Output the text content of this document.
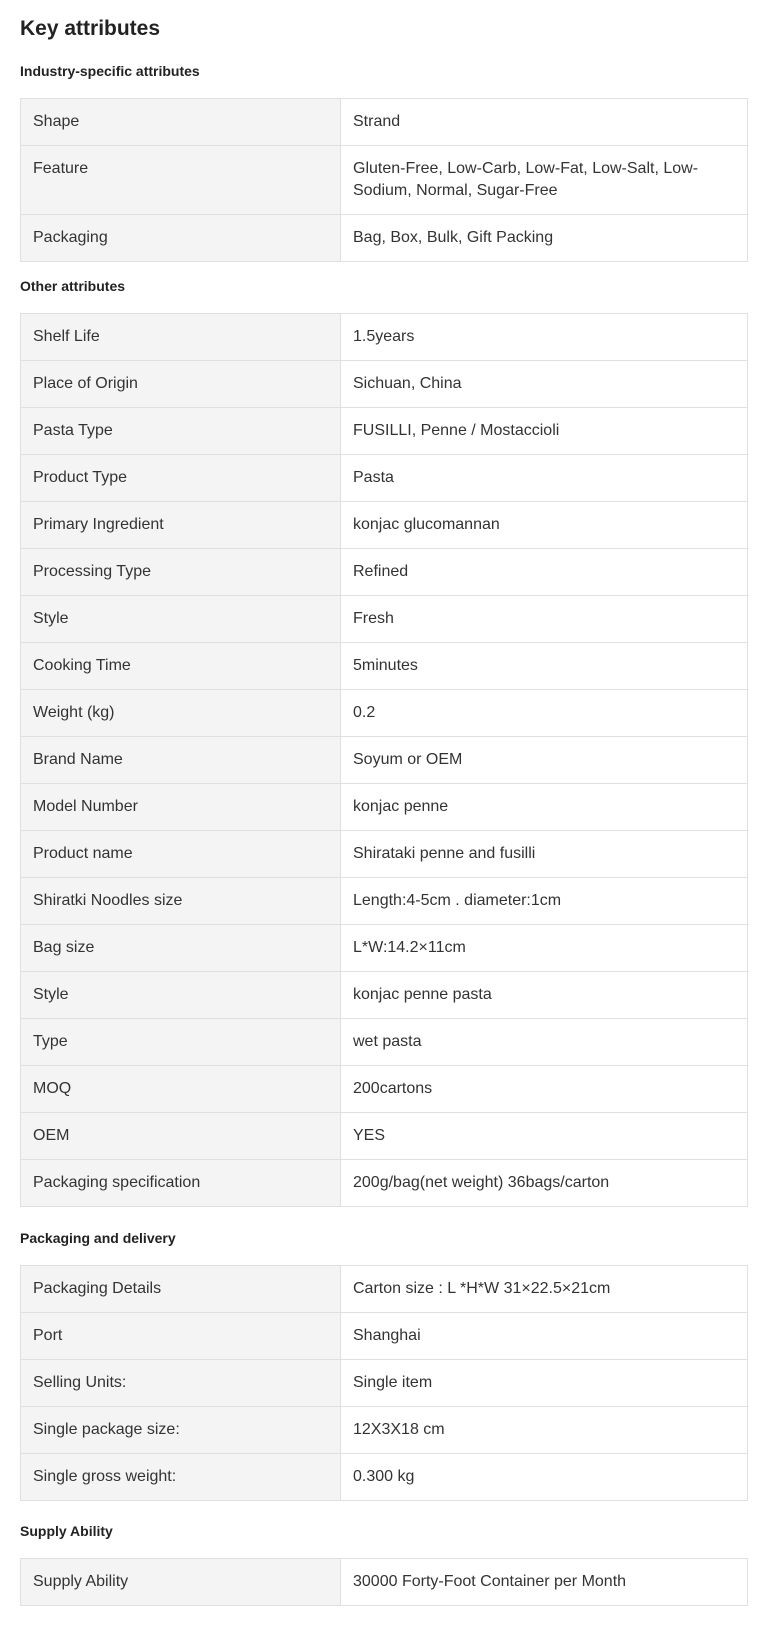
Key attributes
Industry-specific attributes
Shape	Strand
Feature	Gluten-Free, Low-Carb, Low-Fat, Low-Salt, Low-Sodium, Normal, Sugar-Free
Packaging	Bag, Box, Bulk, Gift Packing
Other attributes
Shelf Life	1.5years
Place of Origin	Sichuan, China
Pasta Type	FUSILLI, Penne / Mostaccioli
Product Type	Pasta
Primary Ingredient	konjac glucomannan
Processing Type	Refined
Style	Fresh
Cooking Time	5minutes
Weight (kg)	0.2
Brand Name	Soyum or OEM
Model Number	konjac penne
Product name	Shirataki penne and fusilli
Shiratki Noodles size	Length:4-5cm . diameter:1cm
Bag size	L*W:14.2×11cm
Style	konjac penne pasta
Type	wet pasta
MOQ	200cartons
OEM	YES
Packaging specification	200g/bag(net weight) 36bags/carton
Packaging and delivery
Packaging Details	Carton size : L *H*W 31×22.5×21cm
Port	Shanghai
Selling Units:	Single item
Single package size:	12X3X18 cm
Single gross weight:	0.300 kg
Supply Ability
Supply Ability	30000 Forty-Foot Container per Month
